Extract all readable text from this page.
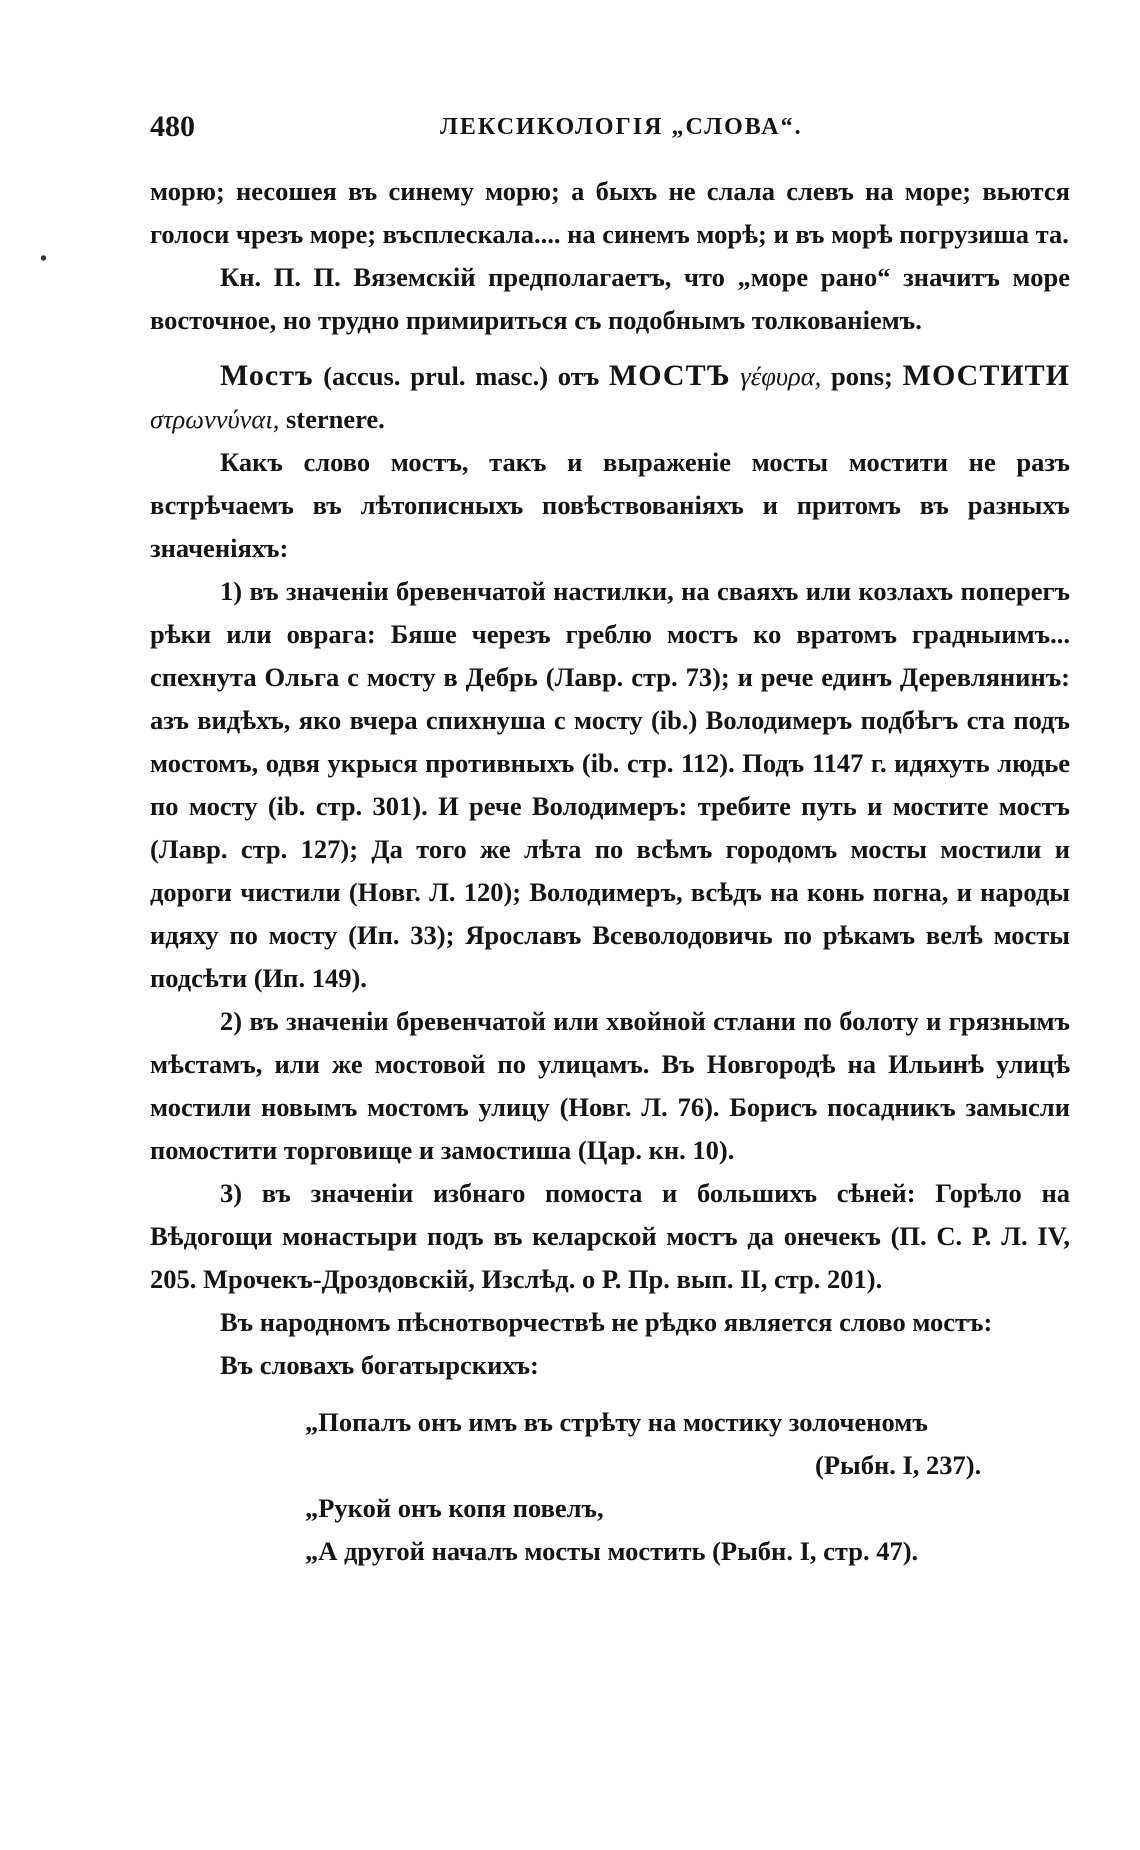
480	ЛЕКСИКОЛОГІЯ „СЛОВА“.

морю; несошея въ синему морю; а быхъ не слала слевъ на море; вьются голоси чрезъ море; въсплескала.... на синемъ морѣ; и въ морѣ погрузиша та.

Кн. П. П. Вяземскій предполагаетъ, что „море рано“ значитъ море восточное, но трудно примириться съ подобнымъ толкованіемъ.

Мостъ (accus. prul. masc.) отъ МОСТЪ γέφυρα, pons; МОСТИТИ στρωννύναι, sternere.

Какъ слово мостъ, такъ и выраженіе мосты мостити не разъ встрѣчаемъ въ лѣтописныхъ повѣствованіяхъ и притомъ въ разныхъ значеніяхъ:

1) въ значеніи бревенчатой настилки, на сваяхъ или козлахъ поперегъ рѣки или оврага: Бяше черезъ греблю мостъ ко вратомъ градныимъ... спехнута Ольга с мосту в Дебрь (Лавр. стр. 73); и рече единъ Деревлянинъ: азъ видѣхъ, яко вчера спихнуша с мосту (ib.) Володимеръ подбѣгъ ста подъ мостомъ, одвя укрыся противныхъ (ib. стр. 112). Подъ 1147 г. идяхуть людье по мосту (ib. стр. 301). И рече Володимеръ: требите путь и мостите мостъ (Лавр. стр. 127); Да того же лѣта по всѣмъ городомъ мосты мостили и дороги чистили (Новг. Л. 120); Володимеръ, всѣдъ на конь погна, и народы идяху по мосту (Ип. 33); Ярославъ Всеволодовичь по рѣкамъ велѣ мосты подсѣти (Ип. 149).

2) въ значеніи бревенчатой или хвойной стлани по болоту и грязнымъ мѣстамъ, или же мостовой по улицамъ. Въ Новгородѣ на Ильинѣ улицѣ мостили новымъ мостомъ улицу (Новг. Л. 76). Борисъ посадникъ замысли помостити торговище и замостиша (Цар. кн. 10).

3) въ значеніи избнаго помоста и большихъ сѣней: Горѣло на Вѣдогощи монастыри подъ въ келарской мостъ да онечекъ (П. С. Р. Л. IV, 205. Мрочекъ-Дроздовскій, Изслѣд. о Р. Пр. вып. II, стр. 201).

Въ народномъ пѣснотворчествѣ не рѣдко является слово мостъ:

Въ словахъ богатырскихъ:

„Попалъ онъ имъ въ стрѣту на мостику золоченомъ
(Рыбн. I, 237).
„Рукой онъ копя повелъ,
„А другой началъ мосты мостить (Рыбн. I, стр. 47).
•
